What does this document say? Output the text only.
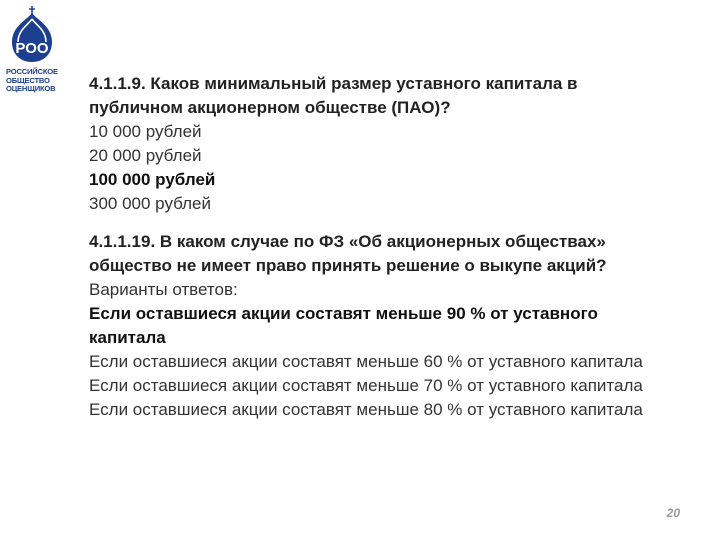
РОО
РОССИЙСКОЕ
ОБЩЕСТВО
ОЦЕНЩИКОВ	4.1.1.9. Каков минимальный размер уставного капитала в публичном акционерном обществе (ПАО)?
10 000 рублей
20 000 рублей
100 000 рублей
300 000 рублей
4.1.1.19. В каком случае по ФЗ «Об акционерных обществах» общество не имеет право принять решение о выкупе акций?
Варианты ответов:
Если оставшиеся акции составят меньше 90 % от уставного капитала
Если оставшиеся акции составят меньше 60 % от уставного капитала
Если оставшиеся акции составят меньше 70 % от уставного капитала
Если оставшиеся акции составят меньше 80 % от уставного капитала
20
